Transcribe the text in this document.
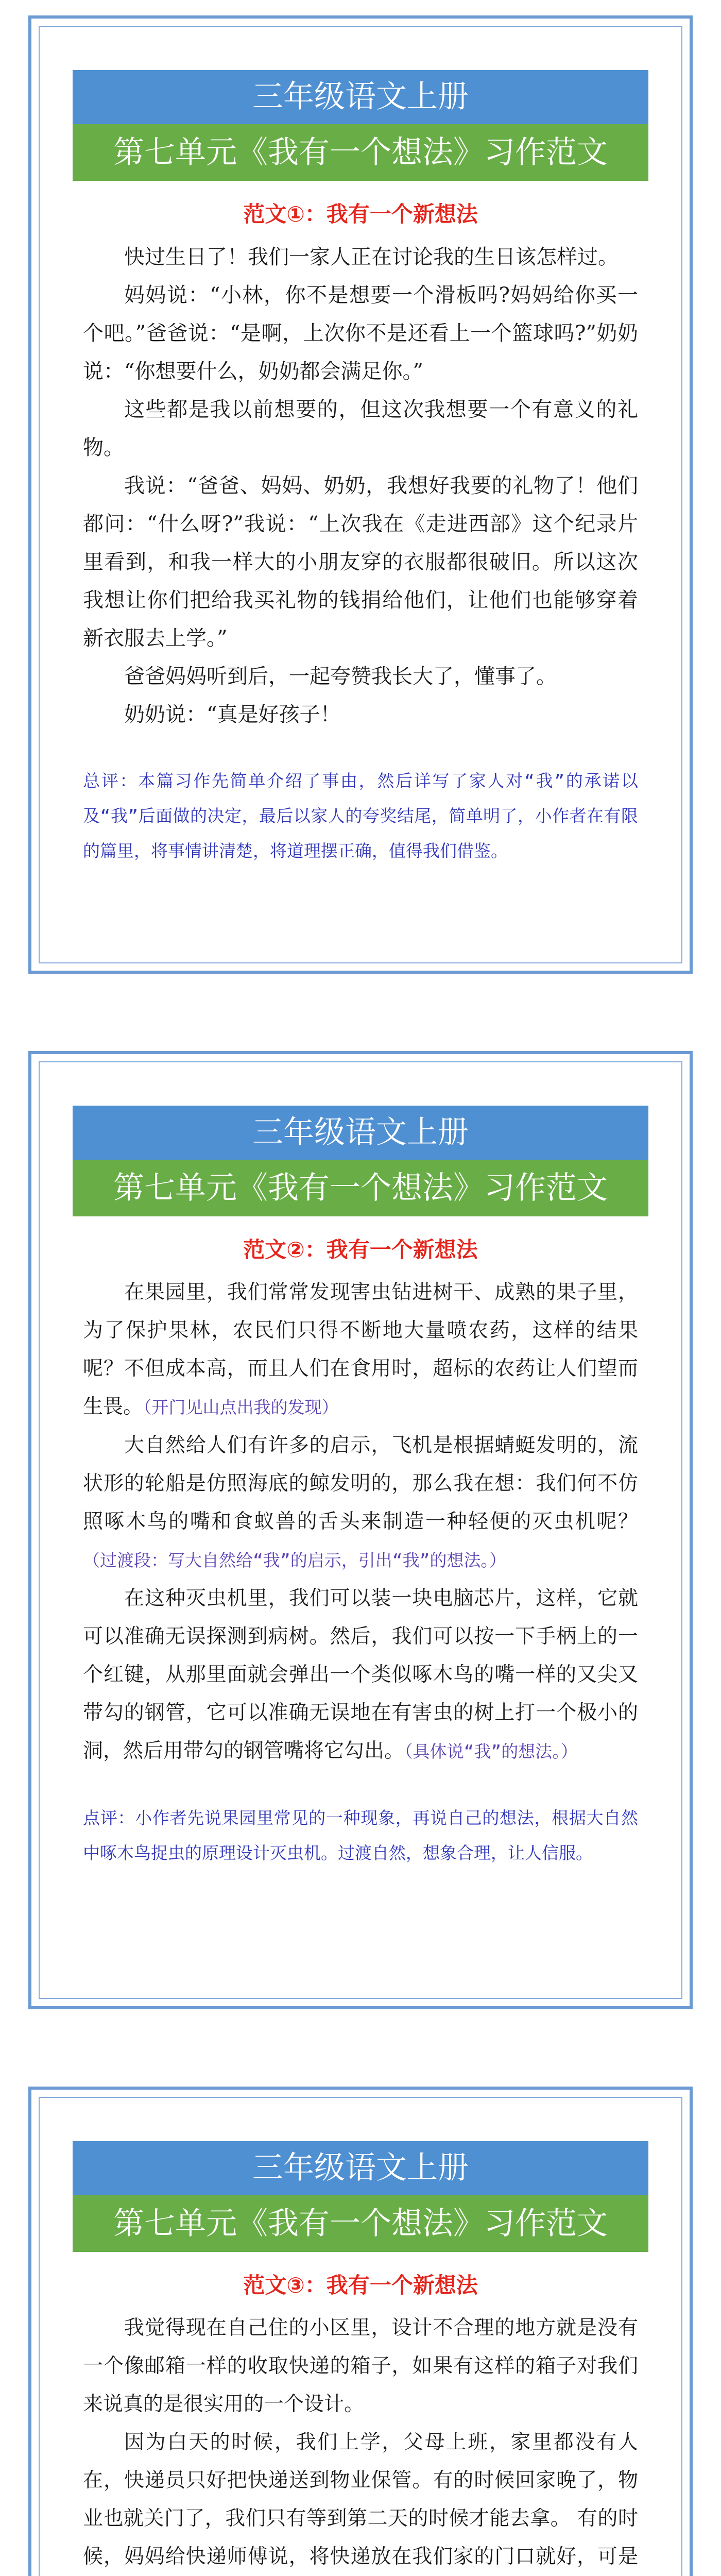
三年级语文上册
第七单元《我有一个想法》习作范文
范文①：我有一个新想法

快过生日了！我们一家人正在讨论我的生日该怎样过。

妈妈说：“小林，你不是想要一个滑板吗?妈妈给你买一个吧。”爸爸说：“是啊，上次你不是还看上一个篮球吗?”奶奶说：“你想要什么，奶奶都会满足你。”

这些都是我以前想要的，但这次我想要一个有意义的礼物。

我说：“爸爸、妈妈、奶奶，我想好我要的礼物了！他们都问：“什么呀?”我说：“上次我在《走进西部》这个纪录片里看到，和我一样大的小朋友穿的衣服都很破旧。所以这次我想让你们把给我买礼物的钱捐给他们，让他们也能够穿着新衣服去上学。”

爸爸妈妈听到后，一起夸赞我长大了，懂事了。

奶奶说：“真是好孩子！

总评：本篇习作先简单介绍了事由，然后详写了家人对“我”的承诺以及“我”后面做的决定，最后以家人的夸奖结尾，简单明了，小作者在有限的篇里，将事情讲清楚，将道理摆正确，值得我们借鉴。
三年级语文上册
第七单元《我有一个想法》习作范文
范文②：我有一个新想法

在果园里，我们常常发现害虫钻进树干、成熟的果子里，为了保护果林，农民们只得不断地大量喷农药，这样的结果呢？不但成本高，而且人们在食用时，超标的农药让人们望而生畏。（开门见山点出我的发现）

大自然给人们有许多的启示，飞机是根据蜻蜓发明的，流状形的轮船是仿照海底的鲸发明的，那么我在想：我们何不仿照啄木鸟的嘴和食蚁兽的舌头来制造一种轻便的灭虫机呢？（过渡段：写大自然给“我”的启示，引出“我”的想法。）

在这种灭虫机里，我们可以装一块电脑芯片，这样，它就可以准确无误探测到病树。然后，我们可以按一下手柄上的一个红键，从那里面就会弹出一个类似啄木鸟的嘴一样的又尖又带勾的钢管，它可以准确无误地在有害虫的树上打一个极小的洞，然后用带勾的钢管嘴将它勾出。（具体说“我”的想法。）

点评：小作者先说果园里常见的一种现象，再说自己的想法，根据大自然中啄木鸟捉虫的原理设计灭虫机。过渡自然，想象合理，让人信服。
三年级语文上册
第七单元《我有一个想法》习作范文
范文③：我有一个新想法

我觉得现在自己住的小区里，设计不合理的地方就是没有一个像邮箱一样的收取快递的箱子，如果有这样的箱子对我们来说真的是很实用的一个设计。

因为白天的时候，我们上学，父母上班，家里都没有人在，快递员只好把快递送到物业保管。有的时候回家晚了，物业也就关门了，我们只有等到第二天的时候才能去拿。 有的时候，妈妈给快递师傅说，将快递放在我们家的门口就好，可是
